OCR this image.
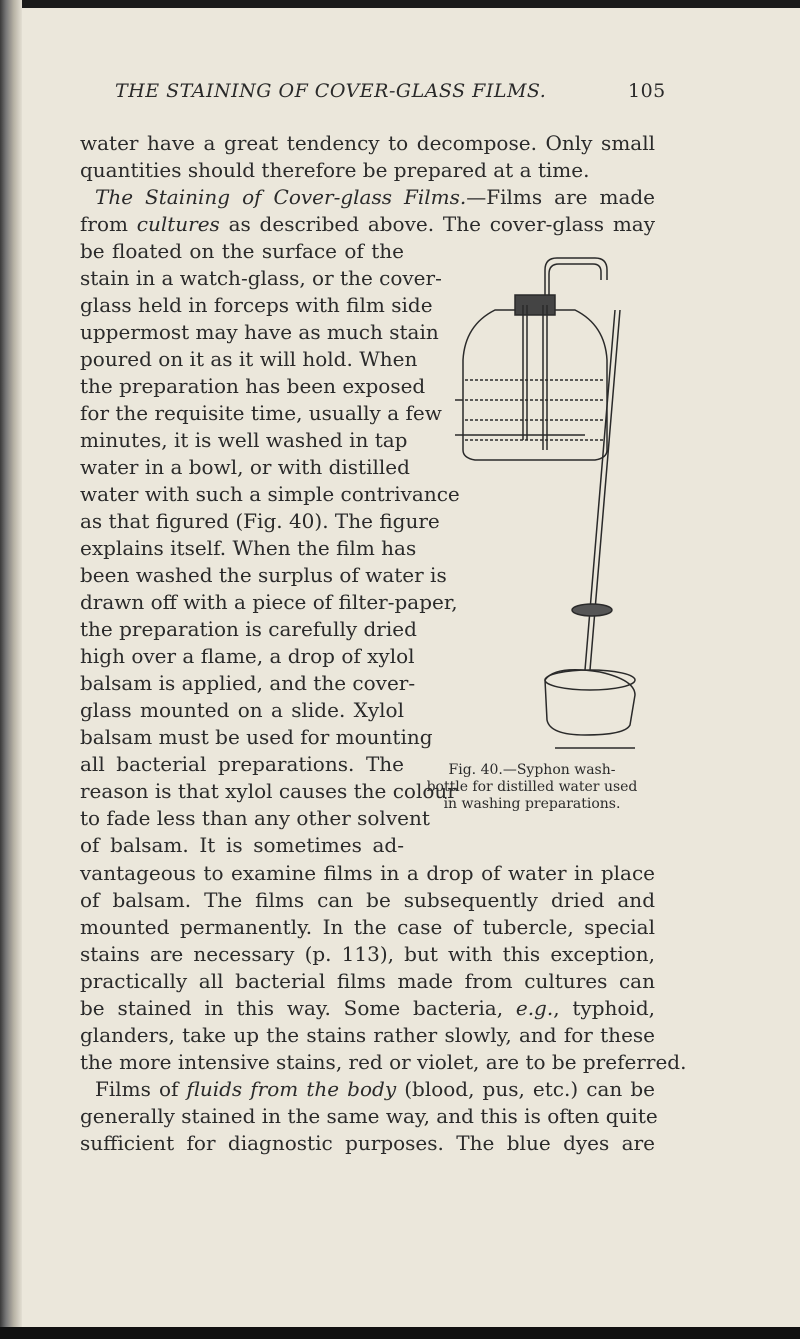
THE STAINING OF COVER-GLASS FILMS.	105
water have a great tendency to decompose. Only small
quantities should therefore be prepared at a time.
The Staining of Cover-glass Films.—Films are made
from cultures as described above. The cover-glass may
be floated on the surface of the
stain in a watch-glass, or the cover-
glass held in forceps with film side
uppermost may have as much stain
poured on it as it will hold. When
the preparation has been exposed
for the requisite time, usually a few
minutes, it is well washed in tap
water in a bowl, or with distilled
water with such a simple contrivance
as that figured (Fig. 40). The figure
explains itself. When the film has
been washed the surplus of water is
drawn off with a piece of filter-paper,
the preparation is carefully dried
high over a flame, a drop of xylol
balsam is applied, and the cover-
glass mounted on a slide. Xylol
balsam must be used for mounting
all bacterial preparations. The
reason is that xylol causes the colour
to fade less than any other solvent
of balsam. It is sometimes ad-
vantageous to examine films in a drop of water in place
of balsam. The films can be subsequently dried and
mounted permanently. In the case of tubercle, special
stains are necessary (p. 113), but with this exception,
practically all bacterial films made from cultures can
be stained in this way. Some bacteria, e.g., typhoid,
glanders, take up the stains rather slowly, and for these
the more intensive stains, red or violet, are to be preferred.
Films of fluids from the body (blood, pus, etc.) can be
generally stained in the same way, and this is often quite
sufficient for diagnostic purposes. The blue dyes are
Fig. 40.—Syphon wash-
bottle for distilled water used
in washing preparations.
